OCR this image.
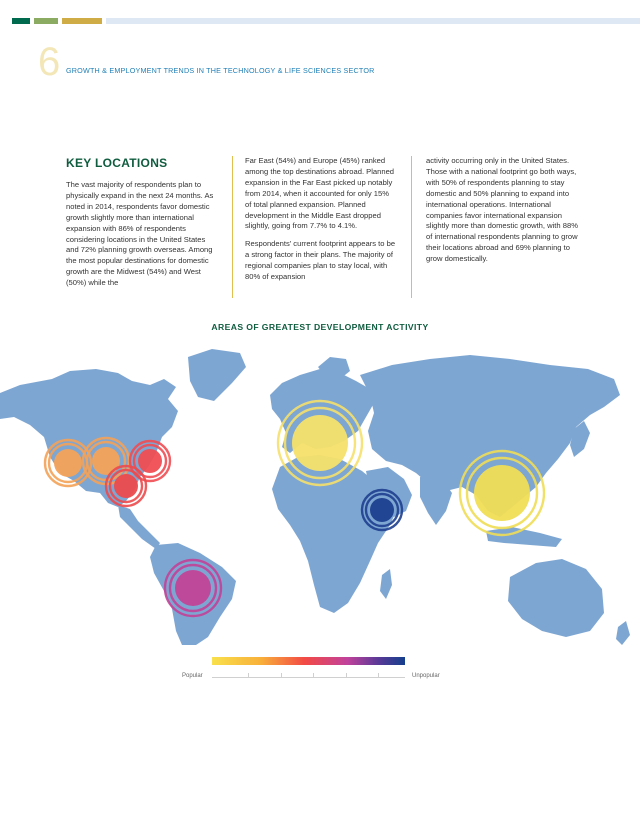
6 GROWTH & EMPLOYMENT TRENDS IN THE TECHNOLOGY & LIFE SCIENCES SECTOR
KEY LOCATIONS

The vast majority of respondents plan to physically expand in the next 24 months. As noted in 2014, respondents favor domestic growth slightly more than international expansion with 86% of respondents considering locations in the United States and 72% planning growth overseas. Among the most popular destinations for domestic growth are the Midwest (54%) and West (50%) while the

Far East (54%) and Europe (45%) ranked among the top destinations abroad. Planned expansion in the Far East picked up notably from 2014, when it accounted for only 15% of total planned expansion. Planned development in the Middle East dropped slightly, going from 7.7% to 4.1%.

Respondents' current footprint appears to be a strong factor in their plans. The majority of regional companies plan to stay local, with 80% of expansion

activity occurring only in the United States. Those with a national footprint go both ways, with 50% of respondents planning to stay domestic and 50% planning to expand into international operations. International companies favor international expansion slightly more than domestic growth, with 88% of international respondents planning to grow their locations abroad and 69% planning to grow domestically.

AREAS OF GREATEST DEVELOPMENT ACTIVITY
Popular	Unpopular
